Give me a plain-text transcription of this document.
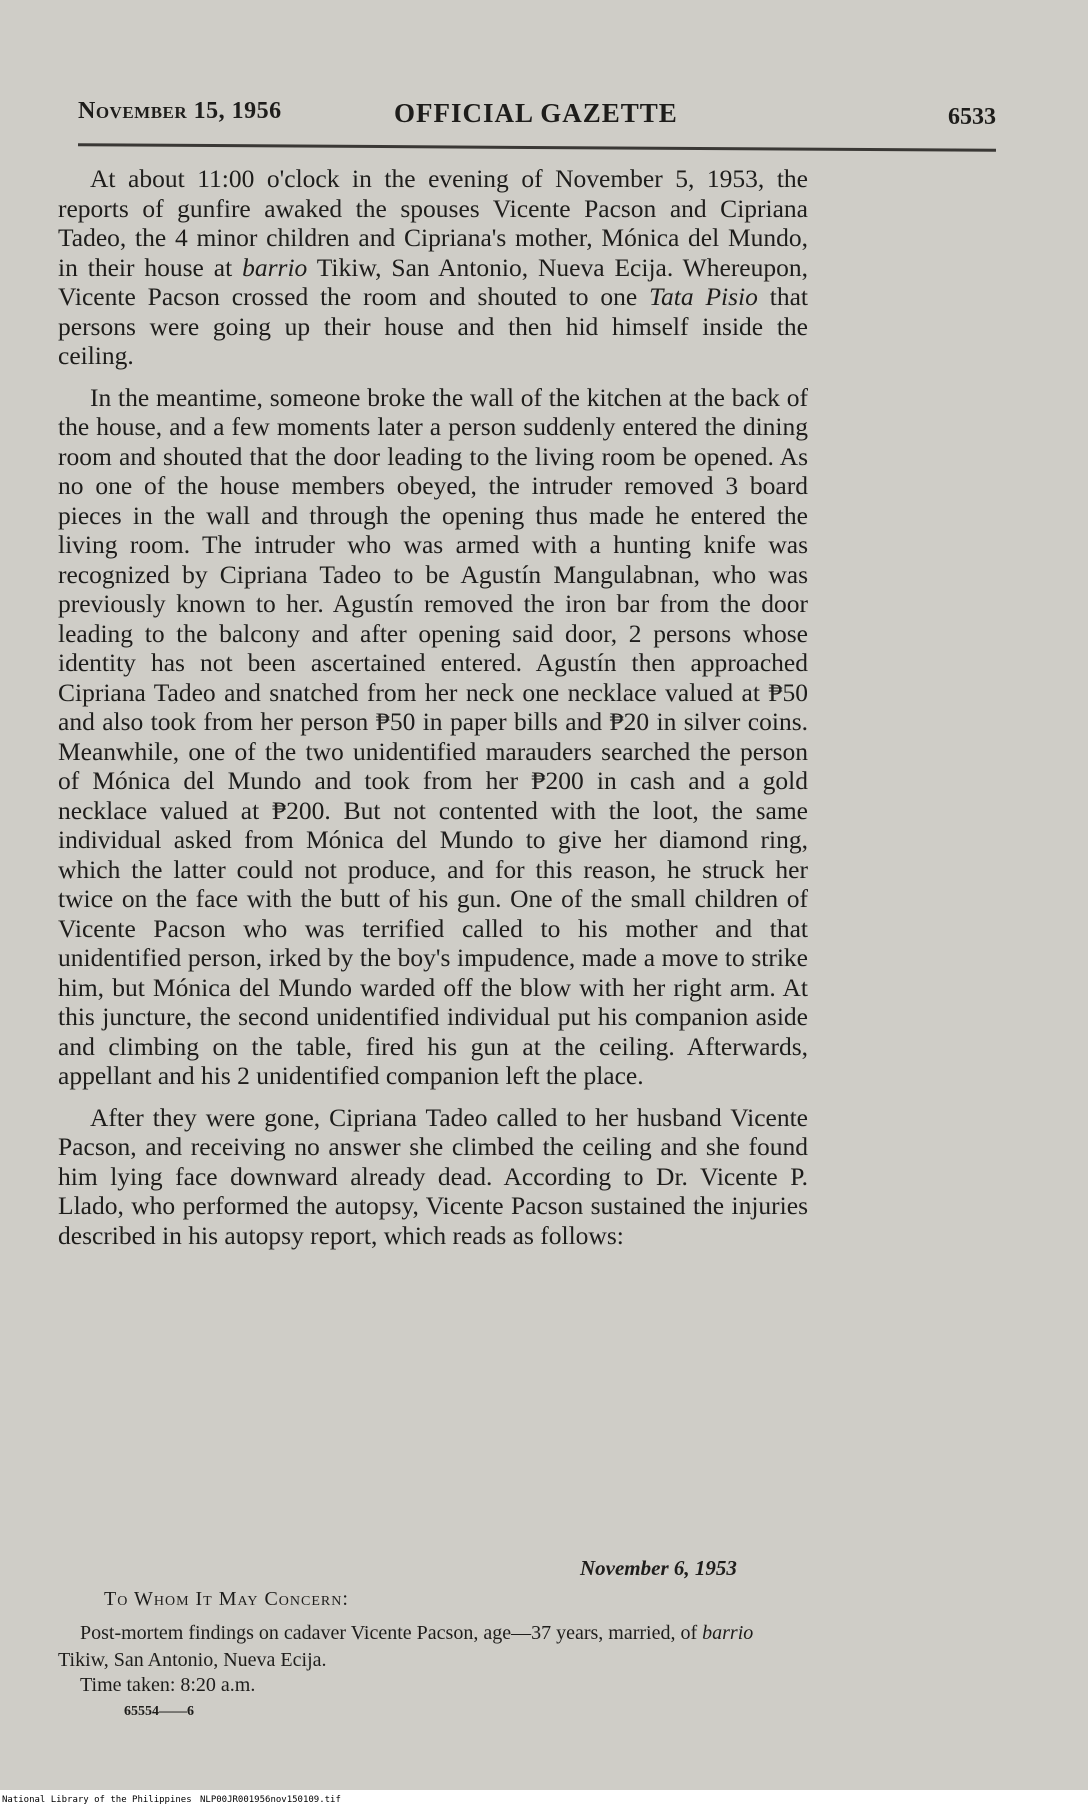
November 15, 1956	OFFICIAL GAZETTE	6533

At about 11:00 o'clock in the evening of November 5, 1953, the reports of gunfire awaked the spouses Vicente Pacson and Cipriana Tadeo, the 4 minor children and Cipriana's mother, Mónica del Mundo, in their house at barrio Tikiw, San Antonio, Nueva Ecija. Whereupon, Vicente Pacson crossed the room and shouted to one Tata Pisio that persons were going up their house and then hid himself inside the ceiling.

In the meantime, someone broke the wall of the kitchen at the back of the house, and a few moments later a person suddenly entered the dining room and shouted that the door leading to the living room be opened. As no one of the house members obeyed, the intruder removed 3 board pieces in the wall and through the opening thus made he entered the living room. The intruder who was armed with a hunting knife was recognized by Cipriana Tadeo to be Agustín Mangulabnan, who was previously known to her. Agustín removed the iron bar from the door leading to the balcony and after opening said door, 2 persons whose identity has not been ascertained entered. Agustín then approached Cipriana Tadeo and snatched from her neck one necklace valued at ₱50 and also took from her person ₱50 in paper bills and ₱20 in silver coins. Meanwhile, one of the two unidentified marauders searched the person of Mónica del Mundo and took from her ₱200 in cash and a gold necklace valued at ₱200. But not contented with the loot, the same individual asked from Mónica del Mundo to give her diamond ring, which the latter could not produce, and for this reason, he struck her twice on the face with the butt of his gun. One of the small children of Vicente Pacson who was terrified called to his mother and that unidentified person, irked by the boy's impudence, made a move to strike him, but Mónica del Mundo warded off the blow with her right arm. At this juncture, the second unidentified individual put his companion aside and climbing on the table, fired his gun at the ceiling. Afterwards, appellant and his 2 unidentified companion left the place.

After they were gone, Cipriana Tadeo called to her husband Vicente Pacson, and receiving no answer she climbed the ceiling and she found him lying face downward already dead. According to Dr. Vicente P. Llado, who performed the autopsy, Vicente Pacson sustained the injuries described in his autopsy report, which reads as follows:

November 6, 1953
To Whom It May Concern:
Post-mortem findings on cadaver Vicente Pacson, age—37 years, married, of barrio Tikiw, San Antonio, Nueva Ecija.
Time taken: 8:20 a.m.
65554——6
National Library of the Philippines NLP00JR001956nov150109.tif
